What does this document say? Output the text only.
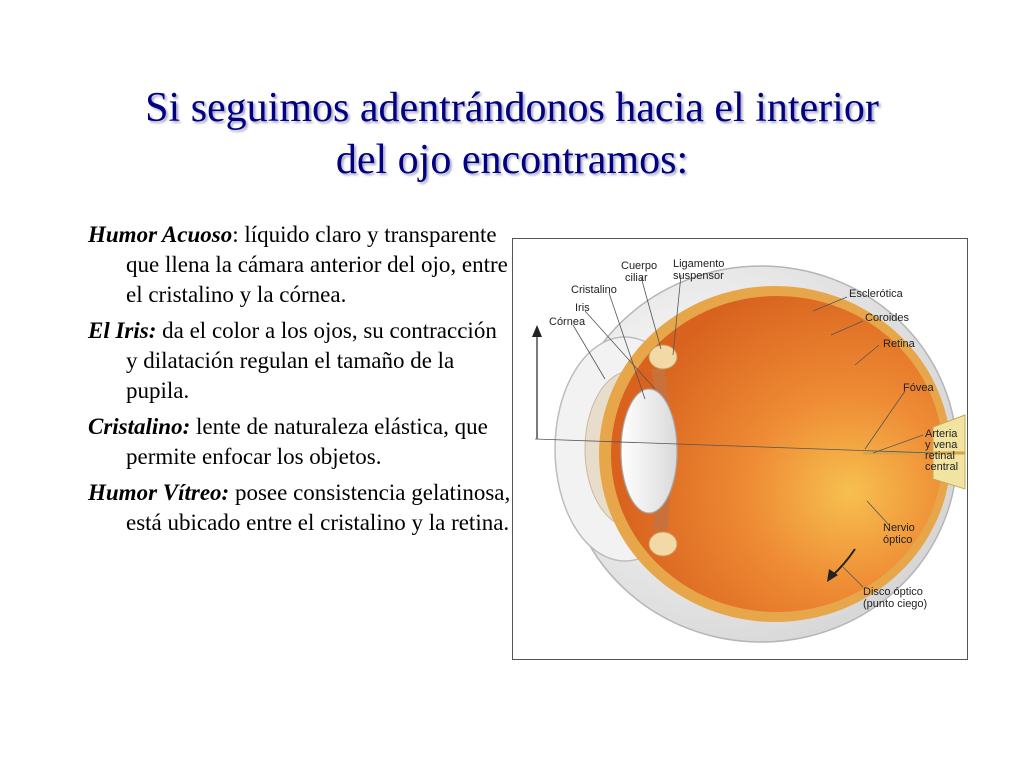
Si seguimos adentrándonos hacia el interior
del ojo encontramos:
Humor Acuoso: líquido claro y transparente que llena la cámara anterior del ojo, entre el cristalino y la córnea.
El Iris: da el color a los ojos, su contracción y dilatación regulan el tamaño de la pupila.
Cristalino: lente de naturaleza elástica, que permite enfocar los objetos.
Humor Vítreo: posee consistencia gelatinosa, está ubicado entre el cristalino y la retina.
Cuerpo ciliar
Ligamento suspensor
Cristalino
Iris
Córnea
Esclerótica
Coroides
Retina
Fóvea
Arteria y vena retinal central
Nervio óptico
Disco óptico (punto ciego)
